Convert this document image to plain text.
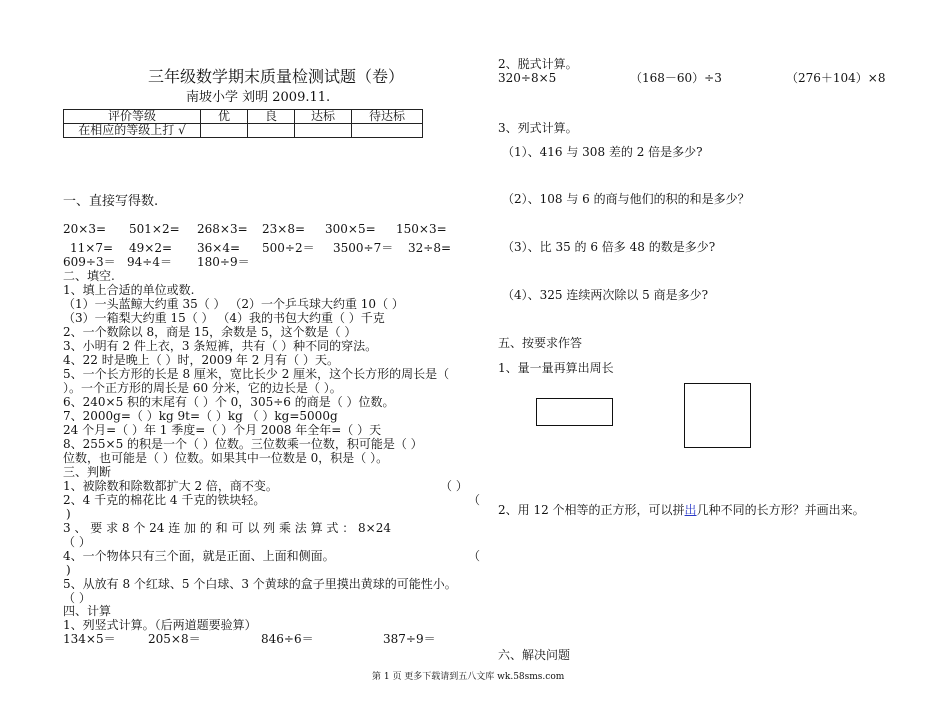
三年级数学期末质量检测试题（卷）
南坡小学 刘明 2009.11.
评价等级	优	良	达标	待达标
在相应的等级上打 √				
一、直接写得数.
20×3= 501×2= 268×3= 23×8= 300×5= 150×3=
11×7= 49×2= 36×4= 500÷2＝ 3500÷7＝ 32÷8=
609÷3＝ 94÷4＝ 180÷9＝
二、填空.
1、填上合适的单位或数.
（1）一头蓝鲸大约重 35（ ） （2）一个乒乓球大约重 10（ ）
（3）一箱梨大约重 15（ ） （4）我的书包大约重（ ）千克
2、一个数除以 8，商是 15，余数是 5，这个数是（ ）
3、小明有 2 件上衣，3 条短裤，共有（ ）种不同的穿法。
4、22 时是晚上（ ）时，2009 年 2 月有（ ）天。
5、一个长方形的长是 8 厘米，宽比长少 2 厘米，这个长方形的周长是（
）。一个正方形的周长是 60 分米，它的边长是（ ）。
6、240×5 积的末尾有（ ）个 0，305÷6 的商是（ ）位数。
7、2000g=（ ）kg 9t=（ ）kg （ ）kg=5000g
24 个月=（ ）年 1 季度=（ ）个月 2008 年全年=（ ）天
8、255×5 的积是一个（ ）位数。三位数乘一位数，积可能是（ ）
位数，也可能是（ ）位数。如果其中一位数是 0，积是（ ）。
三、判断
1、被除数和除数都扩大 2 倍，商不变。	（ ）
2、4 千克的棉花比 4 千克的铁块轻。	（
)
3 、 要 求 8 个 24 连 加 的 和 可 以 列 乘 法 算 式 ： 8×24
（ ）
4、一个物体只有三个面，就是正面、上面和侧面。	（
)
5、从放有 8 个红球、5 个白球、3 个黄球的盒子里摸出黄球的可能性小。
（ ）
四、计算
1、列竖式计算。（后两道题要验算）
134×5＝	205×8＝	846÷6＝	387÷9＝
2、脱式计算。
320÷8×5	（168－60）÷3	（276＋104）×8
3、列式计算。
（1）、416 与 308 差的 2 倍是多少?
（2）、108 与 6 的商与他们的积的和是多少？
（3）、比 35 的 6 倍多 48 的数是多少?
（4）、325 连续两次除以 5 商是多少?
五、按要求作答
1、量一量再算出周长
2、用 12 个相等的正方形，可以拼出几种不同的长方形？并画出来。
六、解决问题
第 1 页 更多下载请到五八文库 wk.58sms.com
